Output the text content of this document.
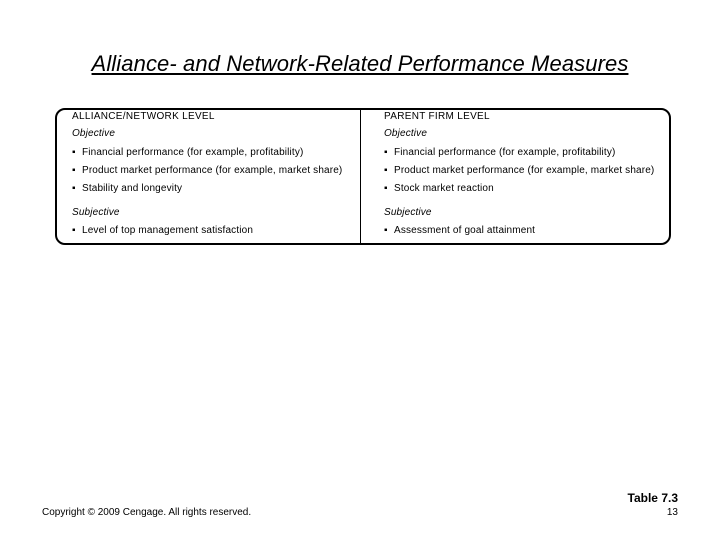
Alliance- and Network-Related Performance Measures
ALLIANCE/NETWORK LEVEL	PARENT FIRM LEVEL
Objective
▪ Financial performance (for example, profitability)
▪ Product market performance (for example, market share)
▪ Stability and longevity
Subjective
▪ Level of top management satisfaction
Objective
▪ Financial performance (for example, profitability)
▪ Product market performance (for example, market share)
▪ Stock market reaction
Subjective
▪ Assessment of goal attainment
Copyright © 2009 Cengage. All rights reserved.
Table 7.3
13
